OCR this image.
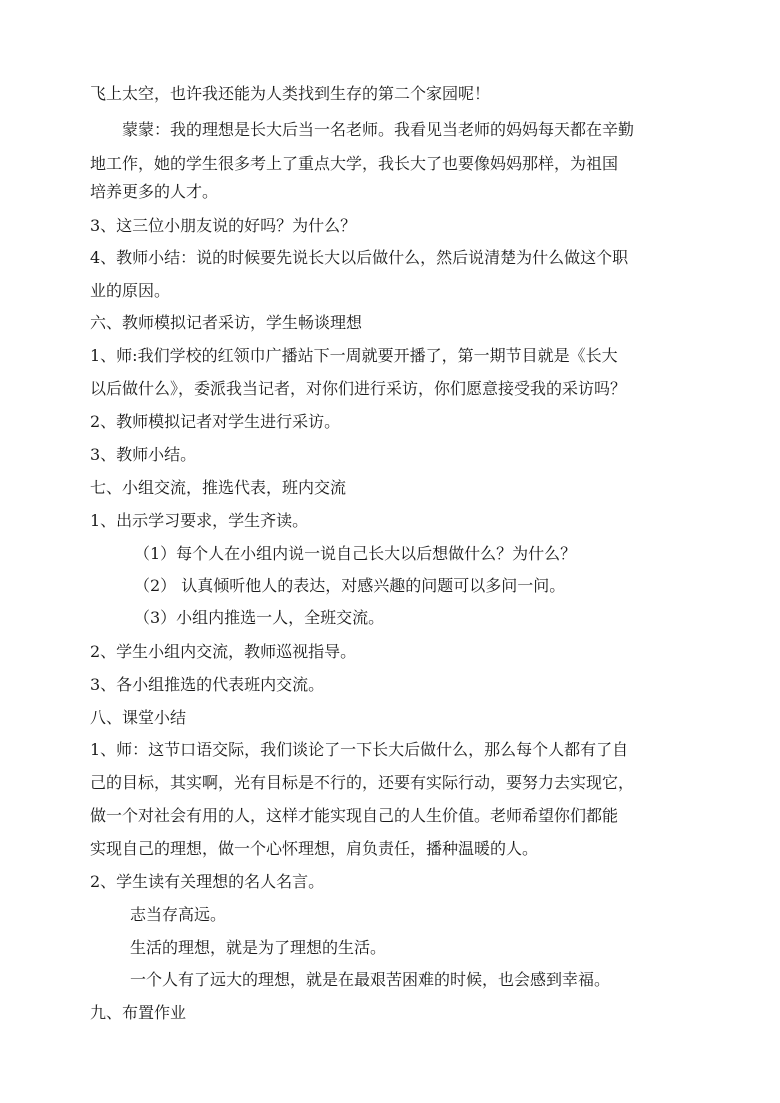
飞上太空，也许我还能为人类找到生存的第二个家园呢！
蒙蒙：我的理想是长大后当一名老师。我看见当老师的妈妈每天都在辛勤
地工作，她的学生很多考上了重点大学，我长大了也要像妈妈那样，为祖国
培养更多的人才。
3、这三位小朋友说的好吗？为什么？
4、教师小结：说的时候要先说长大以后做什么，然后说清楚为什么做这个职
业的原因。
六、教师模拟记者采访，学生畅谈理想
1、师:我们学校的红领巾广播站下一周就要开播了，第一期节目就是《长大
以后做什么》，委派我当记者，对你们进行采访，你们愿意接受我的采访吗？
2、教师模拟记者对学生进行采访。
3、教师小结。
七、小组交流，推选代表，班内交流
1、出示学习要求，学生齐读。
（1）每个人在小组内说一说自己长大以后想做什么？为什么？
（2） 认真倾听他人的表达，对感兴趣的问题可以多问一问。
（3）小组内推选一人，全班交流。
2、学生小组内交流，教师巡视指导。
3、各小组推选的代表班内交流。
八、课堂小结
1、师：这节口语交际，我们谈论了一下长大后做什么，那么每个人都有了自
己的目标，其实啊，光有目标是不行的，还要有实际行动，要努力去实现它，
做一个对社会有用的人，这样才能实现自己的人生价值。老师希望你们都能
实现自己的理想，做一个心怀理想，肩负责任，播种温暖的人。
2、学生读有关理想的名人名言。
志当存高远。
生活的理想，就是为了理想的生活。
一个人有了远大的理想，就是在最艰苦困难的时候，也会感到幸福。
九、布置作业
